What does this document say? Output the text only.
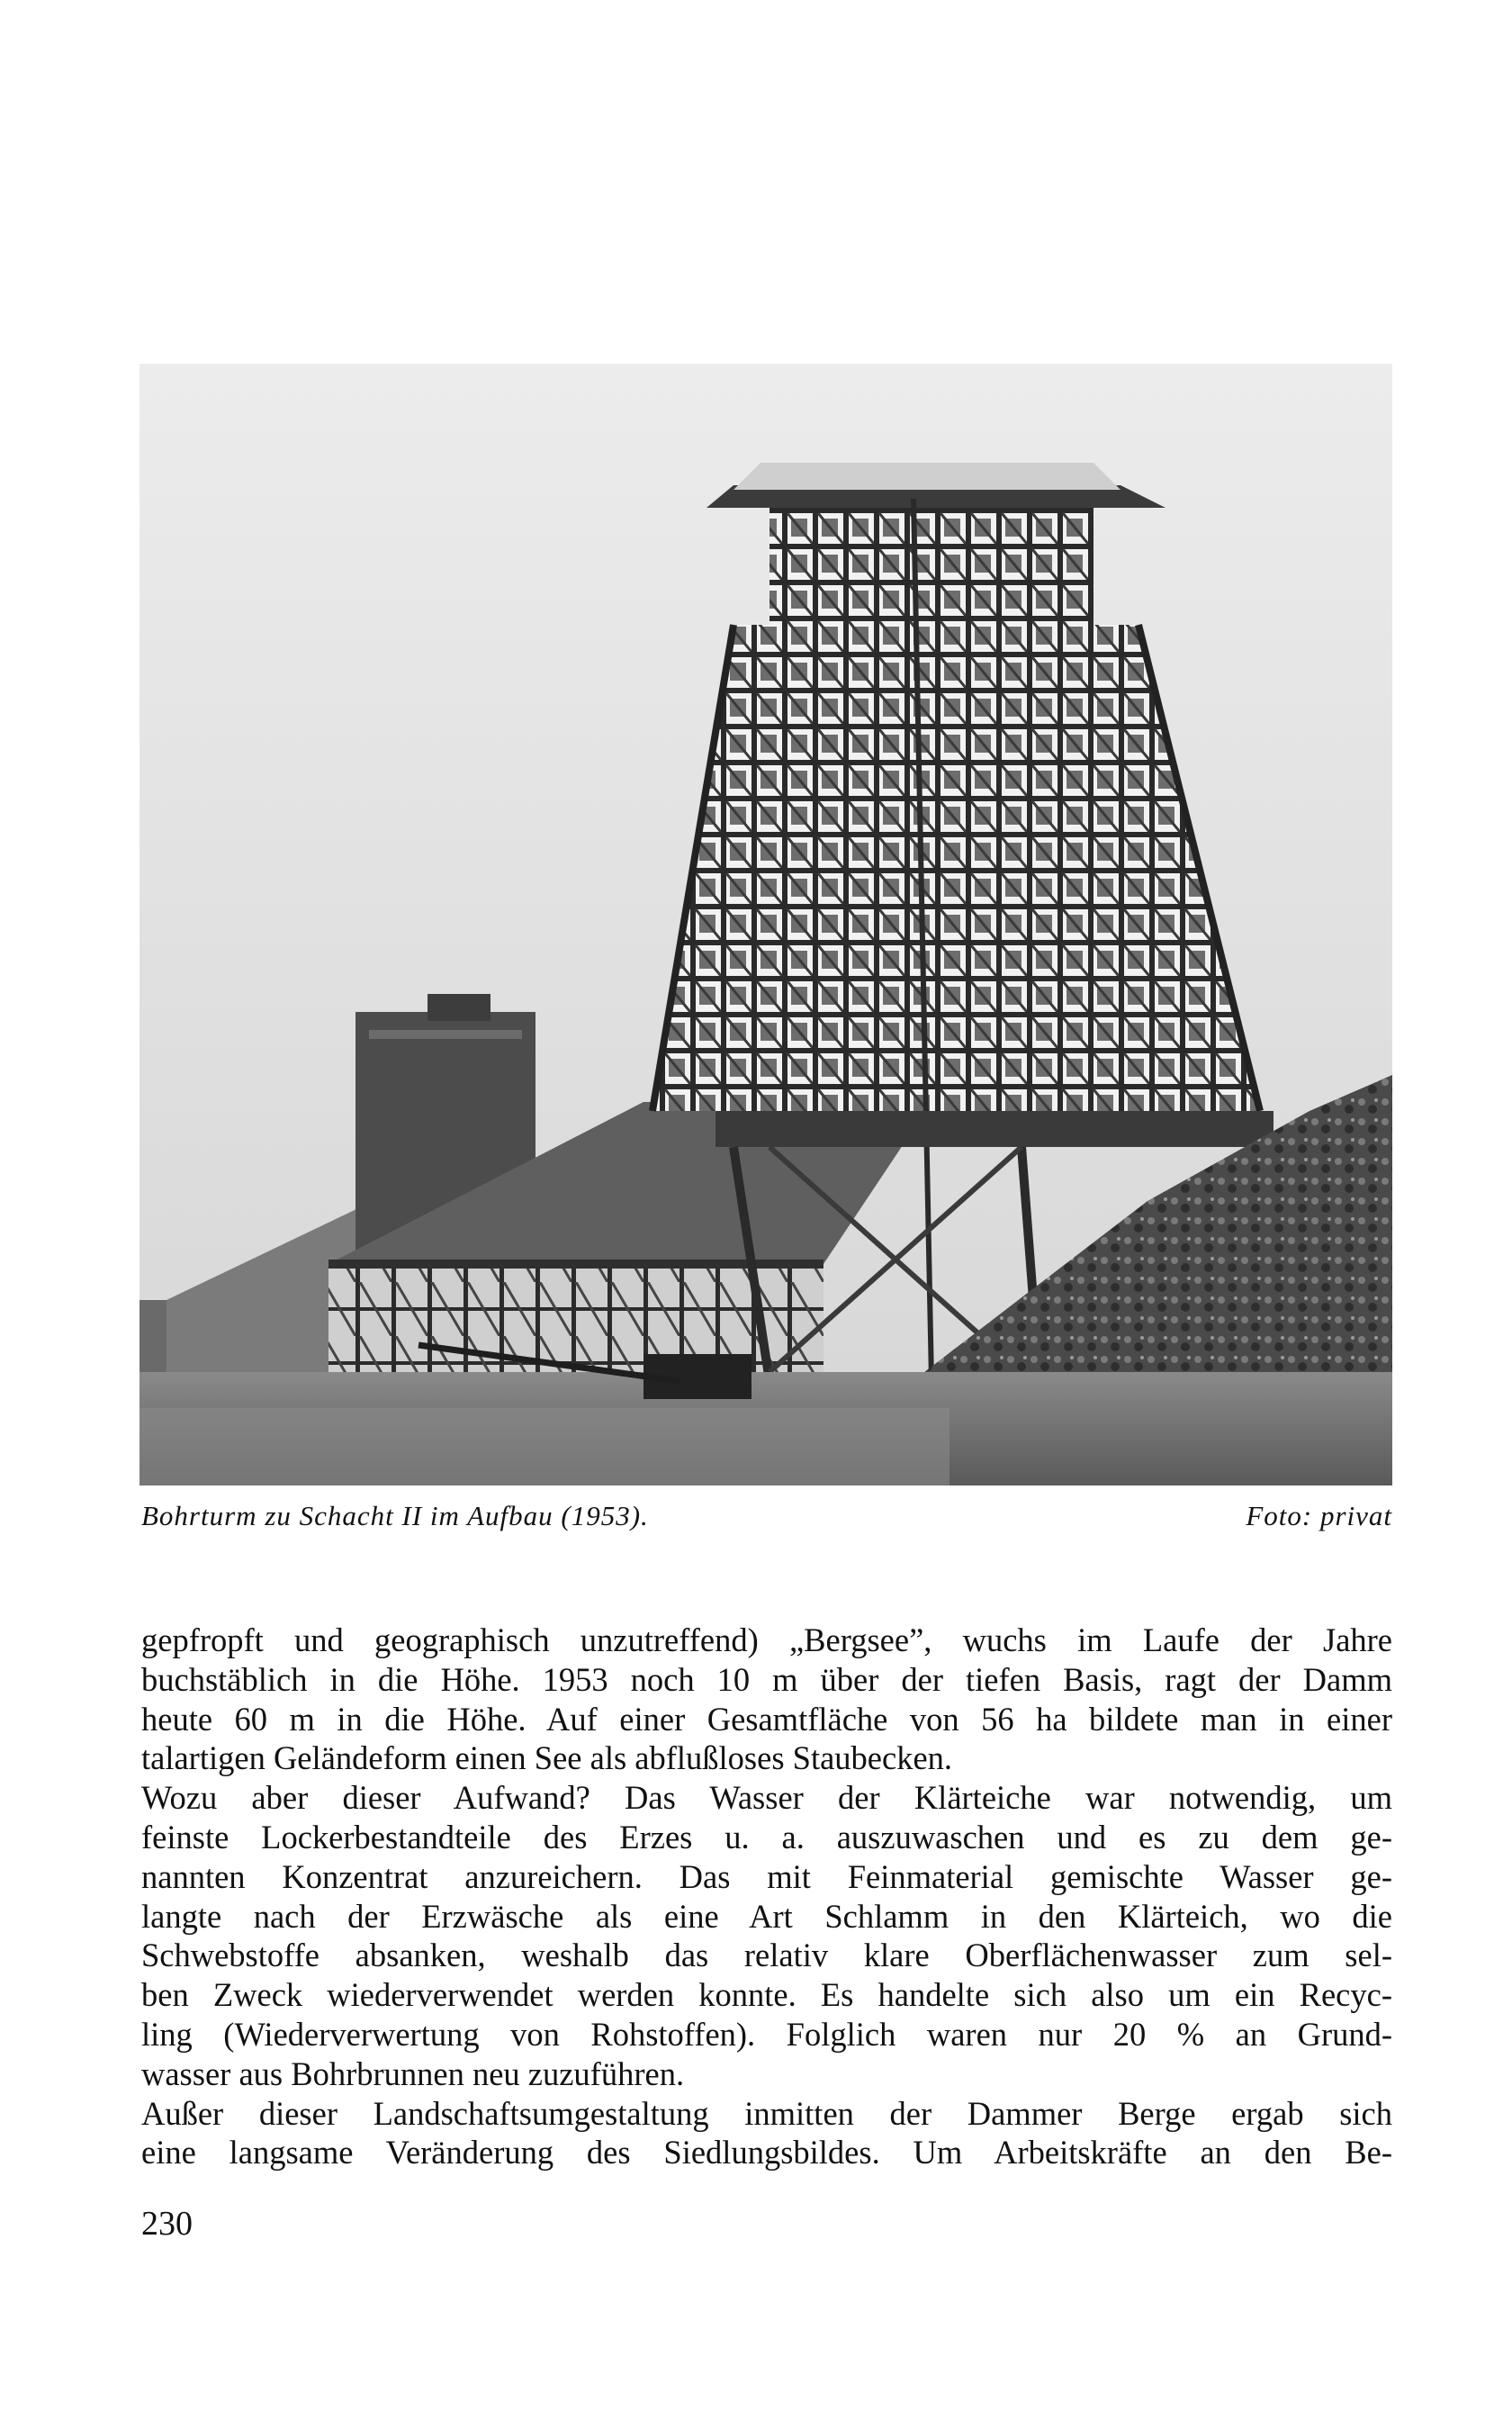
Bohrturm zu Schacht II im Aufbau (1953).	Foto: privat
gepfropft und geographisch unzutreffend) „Bergsee”, wuchs im Laufe der Jahre
buchstäblich in die Höhe. 1953 noch 10 m über der tiefen Basis, ragt der Damm
heute 60 m in die Höhe. Auf einer Gesamtfläche von 56 ha bildete man in einer
talartigen Geländeform einen See als abflußloses Staubecken.
Wozu aber dieser Aufwand? Das Wasser der Klärteiche war notwendig, um
feinste Lockerbestandteile des Erzes u. a. auszuwaschen und es zu dem ge-
nannten Konzentrat anzureichern. Das mit Feinmaterial gemischte Wasser ge-
langte nach der Erzwäsche als eine Art Schlamm in den Klärteich, wo die
Schwebstoffe absanken, weshalb das relativ klare Oberflächenwasser zum sel-
ben Zweck wiederverwendet werden konnte. Es handelte sich also um ein Recyc-
ling (Wiederverwertung von Rohstoffen). Folglich waren nur 20 % an Grund-
wasser aus Bohrbrunnen neu zuzuführen.
Außer dieser Landschaftsumgestaltung inmitten der Dammer Berge ergab sich
eine langsame Veränderung des Siedlungsbildes. Um Arbeitskräfte an den Be-
230
